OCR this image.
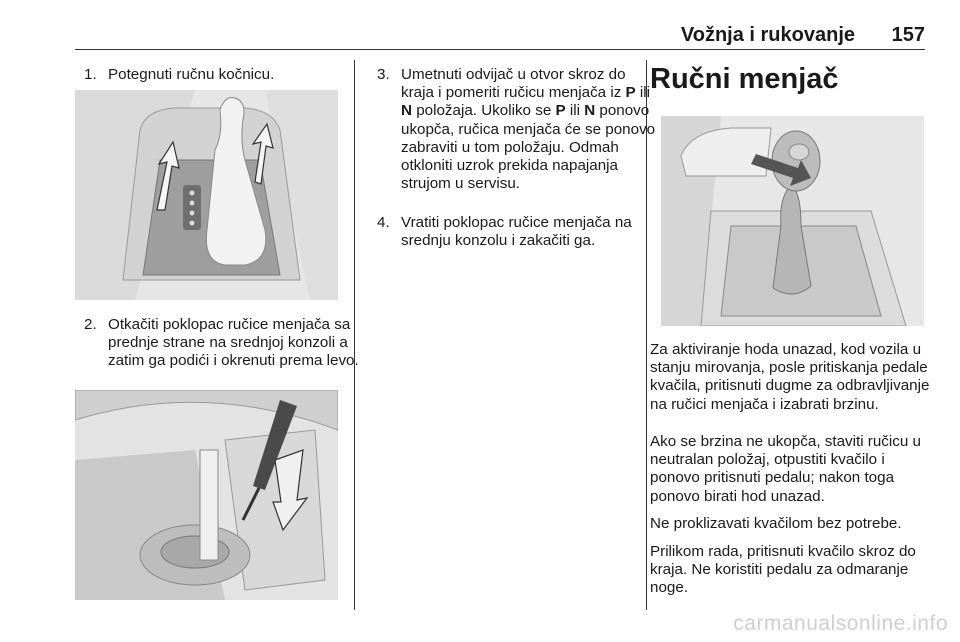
Vožnja i rukovanje 157
1. Potegnuti ručnu kočnicu.
2. Otkačiti poklopac ručice menjača sa prednje strane na srednjoj konzoli a zatim ga podići i okrenuti prema levo.
3. Umetnuti odvijač u otvor skroz do kraja i pomeriti ručicu menjača iz P ili N položaja. Ukoliko se P ili N ponovo ukopča, ručica menjača će se ponovo zabraviti u tom položaju. Odmah otkloniti uzrok prekida napajanja strujom u servisu.
4. Vratiti poklopac ručice menjača na srednju konzolu i zakačiti ga.
Ručni menjač
Za aktiviranje hoda unazad, kod vozila u stanju mirovanja, posle pritiskanja pedale kvačila, pritisnuti dugme za odbravljivanje na ručici menjača i izabrati brzinu.
Ako se brzina ne ukopča, staviti ručicu u neutralan položaj, otpustiti kvačilo i ponovo pritisnuti pedalu; nakon toga ponovo birati hod unazad.
Ne proklizavati kvačilom bez potrebe.
Prilikom rada, pritisnuti kvačilo skroz do kraja. Ne koristiti pedalu za odmaranje noge.
carmanualsonline.info
